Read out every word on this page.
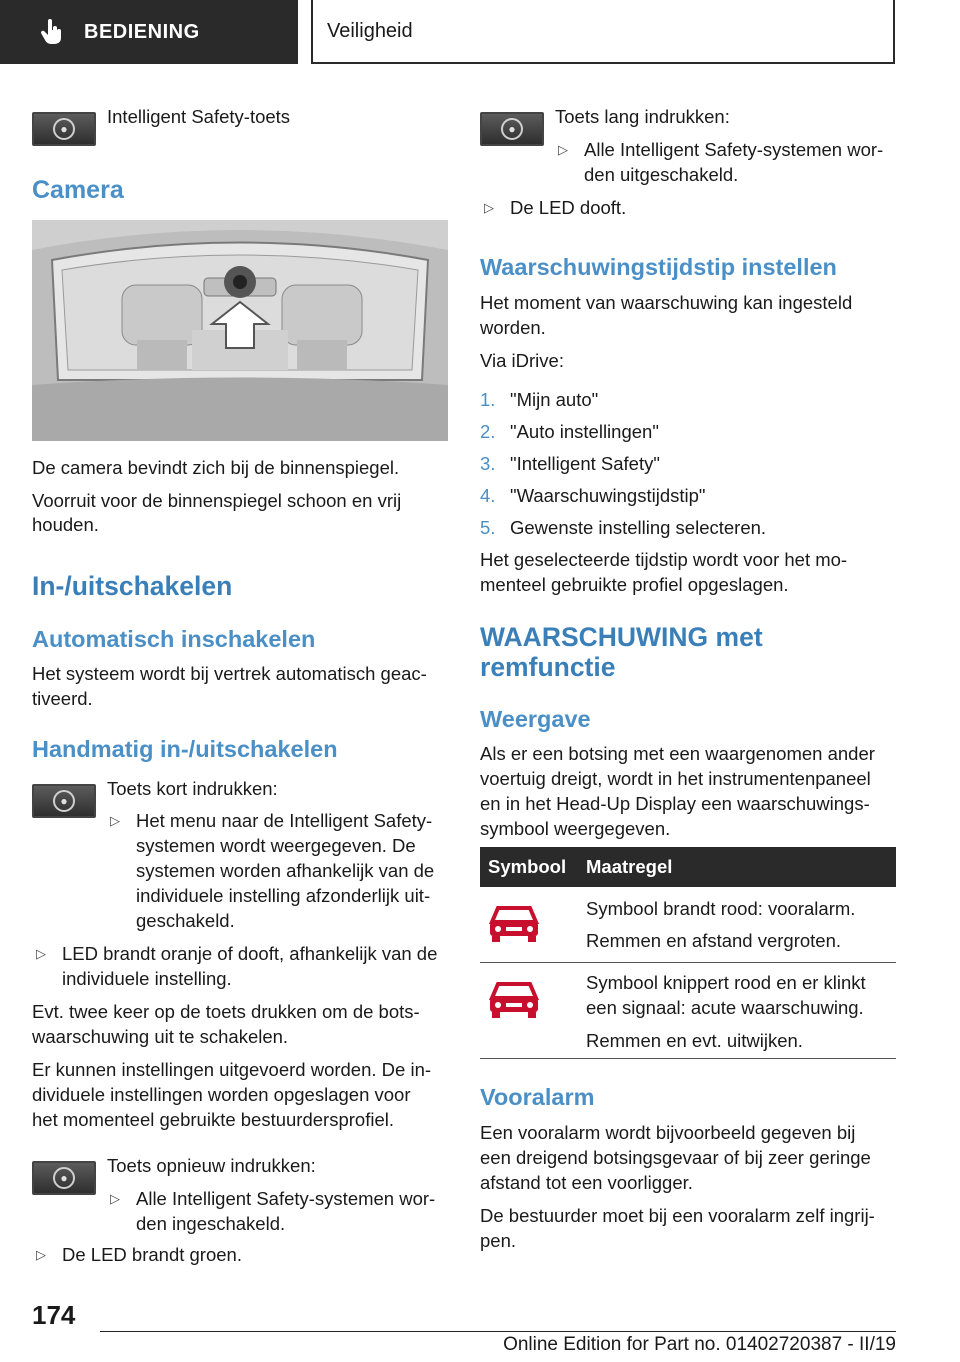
BEDIENING	Veiligheid
●
Intelligent Safety-toets
Camera
De camera bevindt zich bij de binnenspiegel.
Voorruit voor de binnenspiegel schoon en vrij
houden.
In-/uitschakelen
Automatisch inschakelen
Het systeem wordt bij vertrek automatisch geac-
tiveerd.
Handmatig in-/uitschakelen
●
Toets kort indrukken:
▷ Het menu naar de Intelligent Safety-
systemen wordt weergegeven. De
systemen worden afhankelijk van de
individuele instelling afzonderlijk uit-
geschakeld.
▷ LED brandt oranje of dooft, afhankelijk van de
individuele instelling.
Evt. twee keer op de toets drukken om de bots-
waarschuwing uit te schakelen.
Er kunnen instellingen uitgevoerd worden. De in-
dividuele instellingen worden opgeslagen voor
het momenteel gebruikte bestuurdersprofiel.
●
Toets opnieuw indrukken:
▷ Alle Intelligent Safety-systemen wor-
den ingeschakeld.
▷ De LED brandt groen.
●
Toets lang indrukken:
▷ Alle Intelligent Safety-systemen wor-
den uitgeschakeld.
▷ De LED dooft.
Waarschuwingstijdstip instellen
Het moment van waarschuwing kan ingesteld
worden.
Via iDrive:
1. "Mijn auto"
2. "Auto instellingen"
3. "Intelligent Safety"
4. "Waarschuwingstijdstip"
5. Gewenste instelling selecteren.
Het geselecteerde tijdstip wordt voor het mo-
menteel gebruikte profiel opgeslagen.
WAARSCHUWING met
remfunctie
Weergave
Als er een botsing met een waargenomen ander
voertuig dreigt, wordt in het instrumentenpaneel
en in het Head-Up Display een waarschuwings-
symbool weergegeven.
Symbool Maatregel
Symbool brandt rood: vooralarm.
Remmen en afstand vergroten.
Symbool knippert rood en er klinkt
een signaal: acute waarschuwing.
Remmen en evt. uitwijken.
Vooralarm
Een vooralarm wordt bijvoorbeeld gegeven bij
een dreigend botsingsgevaar of bij zeer geringe
afstand tot een voorligger.
De bestuurder moet bij een vooralarm zelf ingrij-
pen.
174
Online Edition for Part no. 01402720387 - II/19
